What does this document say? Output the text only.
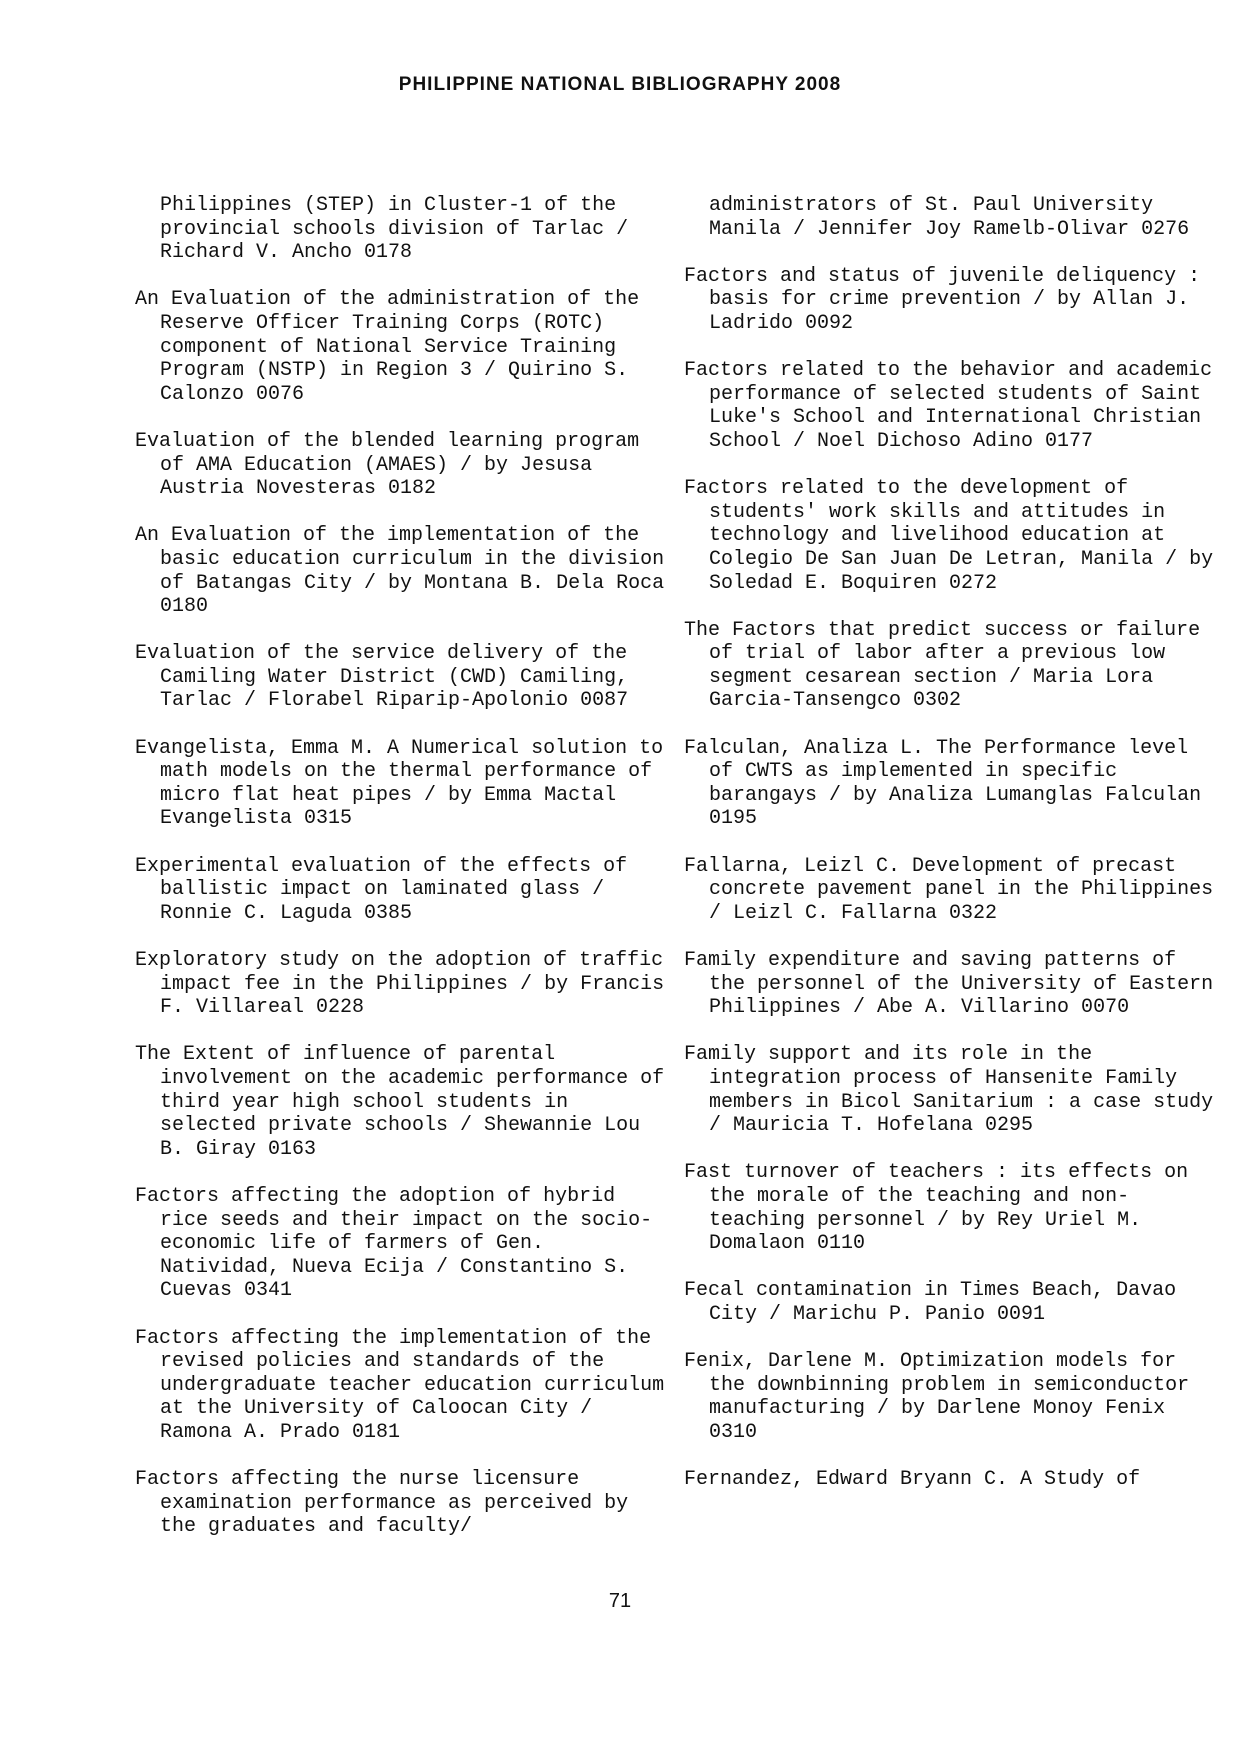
PHILIPPINE NATIONAL BIBLIOGRAPHY 2008

Philippines (STEP) in Cluster-1 of the provincial schools division of Tarlac / Richard V. Ancho 0178

An Evaluation of the administration of the Reserve Officer Training Corps (ROTC) component of National Service Training Program (NSTP) in Region 3 / Quirino S. Calonzo 0076

Evaluation of the blended learning program of AMA Education (AMAES) / by Jesusa Austria Novesteras 0182

An Evaluation of the implementation of the basic education curriculum in the division of Batangas City / by Montana B. Dela Roca 0180

Evaluation of the service delivery of the Camiling Water District (CWD) Camiling, Tarlac / Florabel Riparip-Apolonio 0087

Evangelista, Emma M. A Numerical solution to math models on the thermal performance of micro flat heat pipes / by Emma Mactal Evangelista 0315

Experimental evaluation of the effects of ballistic impact on laminated glass / Ronnie C. Laguda 0385

Exploratory study on the adoption of traffic impact fee in the Philippines / by Francis F. Villareal 0228

The Extent of influence of parental involvement on the academic performance of third year high school students in selected private schools / Shewannie Lou B. Giray 0163

Factors affecting the adoption of hybrid rice seeds and their impact on the socio-economic life of farmers of Gen. Natividad, Nueva Ecija / Constantino S. Cuevas 0341

Factors affecting the implementation of the revised policies and standards of the undergraduate teacher education curriculum at the University of Caloocan City / Ramona A. Prado 0181

Factors affecting the nurse licensure examination performance as perceived by the graduates and faculty/

administrators of St. Paul University Manila / Jennifer Joy Ramelb-Olivar 0276

Factors and status of juvenile deliquency : basis for crime prevention / by Allan J. Ladrido 0092

Factors related to the behavior and academic performance of selected students of Saint Luke's School and International Christian School / Noel Dichoso Adino 0177

Factors related to the development of students' work skills and attitudes in technology and livelihood education at Colegio De San Juan De Letran, Manila / by Soledad E. Boquiren 0272

The Factors that predict success or failure of trial of labor after a previous low segment cesarean section / Maria Lora Garcia-Tansengco 0302

Falculan, Analiza L. The Performance level of CWTS as implemented in specific barangays / by Analiza Lumanglas Falculan 0195

Fallarna, Leizl C. Development of precast concrete pavement panel in the Philippines / Leizl C. Fallarna 0322

Family expenditure and saving patterns of the personnel of the University of Eastern Philippines / Abe A. Villarino 0070

Family support and its role in the integration process of Hansenite Family members in Bicol Sanitarium : a case study / Mauricia T. Hofelana 0295

Fast turnover of teachers : its effects on the morale of the teaching and non-teaching personnel / by Rey Uriel M. Domalaon 0110

Fecal contamination in Times Beach, Davao City / Marichu P. Panio 0091

Fenix, Darlene M. Optimization models for the downbinning problem in semiconductor manufacturing / by Darlene Monoy Fenix 0310

Fernandez, Edward Bryann C. A Study of

71
